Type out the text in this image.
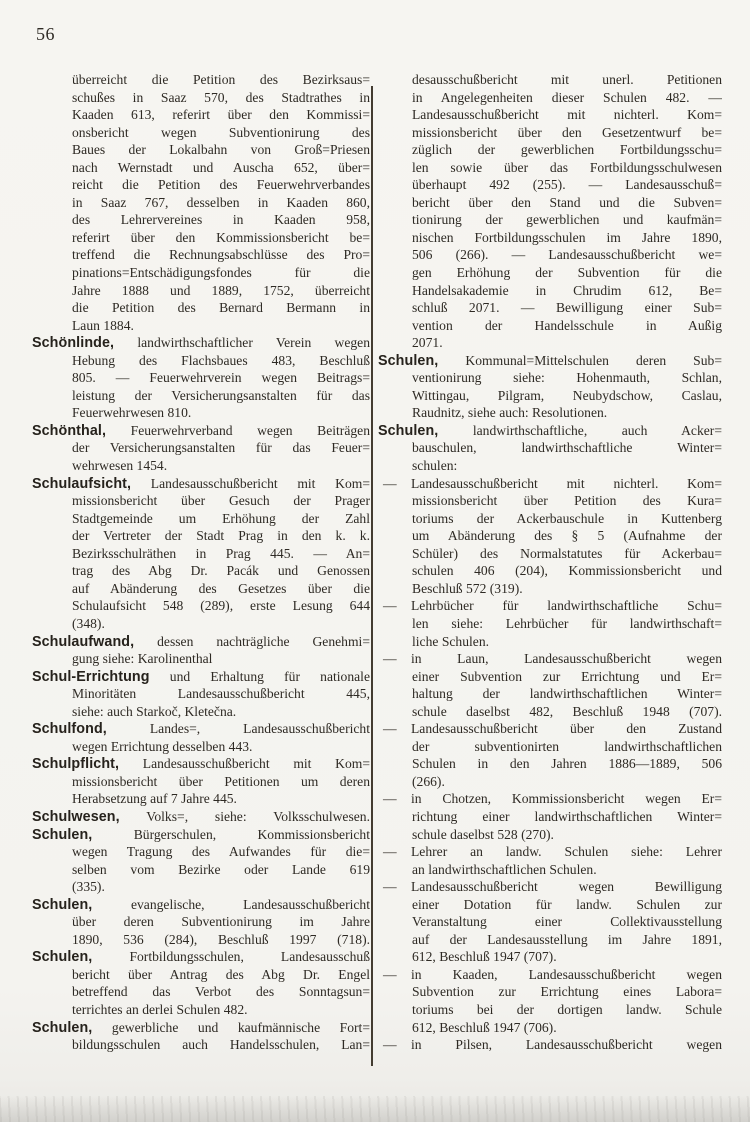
56
überreicht die Petition des Bezirksaus=
schußes in Saaz 570, des Stadtrathes in
Kaaden 613, referirt über den Kommissi=
onsbericht wegen Subventionirung des
Baues der Lokalbahn von Groß=Priesen
nach Wernstadt und Auscha 652, über=
reicht die Petition des Feuerwehrverbandes
in Saaz 767, desselben in Kaaden 860,
des Lehrervereines in Kaaden 958,
referirt über den Kommissionsbericht be=
treffend die Rechnungsabschlüsse des Pro=
pinations=Entschädigungsfondes für die
Jahre 1888 und 1889, 1752, überreicht
die Petition des Bernard Bermann in
Laun 1884.
Schönlinde, landwirthschaftlicher Verein wegen
Hebung des Flachsbaues 483, Beschluß
805. — Feuerwehrverein wegen Beitrags=
leistung der Versicherungsanstalten für das
Feuerwehrwesen 810.
Schönthal, Feuerwehrverband wegen Beiträgen
der Versicherungsanstalten für das Feuer=
wehrwesen 1454.
Schulaufsicht, Landesausschußbericht mit Kom=
missionsbericht über Gesuch der Prager
Stadtgemeinde um Erhöhung der Zahl
der Vertreter der Stadt Prag in den k. k.
Bezirksschulräthen in Prag 445. — An=
trag des Abg Dr. Pacák und Genossen
auf Abänderung des Gesetzes über die
Schulaufsicht 548 (289), erste Lesung 644
(348).
Schulaufwand, dessen nachträgliche Genehmi=
gung siehe: Karolinenthal
Schul-Errichtung und Erhaltung für nationale
Minoritäten Landesausschußbericht 445,
siehe: auch Starkoč, Kletečna.
Schulfond, Landes=, Landesausschußbericht
wegen Errichtung desselben 443.
Schulpflicht, Landesausschußbericht mit Kom=
missionsbericht über Petitionen um deren
Herabsetzung auf 7 Jahre 445.
Schulwesen, Volks=, siehe: Volksschulwesen.
Schulen, Bürgerschulen, Kommissionsbericht
wegen Tragung des Aufwandes für die=
selben vom Bezirke oder Lande 619
(335).
Schulen, evangelische, Landesausschußbericht
über deren Subventionirung im Jahre
1890, 536 (284), Beschluß 1997 (718).
Schulen, Fortbildungsschulen, Landesausschuß
bericht über Antrag des Abg Dr. Engel
betreffend das Verbot des Sonntagsun=
terrichtes an derlei Schulen 482.
Schulen, gewerbliche und kaufmännische Fort=
bildungsschulen auch Handelsschulen, Lan=
desausschußbericht mit unerl. Petitionen
in Angelegenheiten dieser Schulen 482. —
Landesausschußbericht mit nichterl. Kom=
missionsbericht über den Gesetzentwurf be=
züglich der gewerblichen Fortbildungsschu=
len sowie über das Fortbildungsschulwesen
überhaupt 492 (255). — Landesausschuß=
bericht über den Stand und die Subven=
tionirung der gewerblichen und kaufmän=
nischen Fortbildungsschulen im Jahre 1890,
506 (266). — Landesausschußbericht we=
gen Erhöhung der Subvention für die
Handelsakademie in Chrudim 612, Be=
schluß 2071. — Bewilligung einer Sub=
vention der Handelsschule in Außig
2071.
Schulen, Kommunal=Mittelschulen deren Sub=
ventionirung siehe: Hohenmauth, Schlan,
Wittingau, Pilgram, Neubydschow, Caslau,
Raudnitz, siehe auch: Resolutionen.
Schulen, landwirthschaftliche, auch Acker=
bauschulen, landwirthschaftliche Winter=
schulen:
— Landesausschußbericht mit nichterl. Kom=
missionsbericht über Petition des Kura=
toriums der Ackerbauschule in Kuttenberg
um Abänderung des § 5 (Aufnahme der
Schüler) des Normalstatutes für Ackerbau=
schulen 406 (204), Kommissionsbericht und
Beschluß 572 (319).
— Lehrbücher für landwirthschaftliche Schu=
len siehe: Lehrbücher für landwirthschaft=
liche Schulen.
— in Laun, Landesausschußbericht wegen
einer Subvention zur Errichtung und Er=
haltung der landwirthschaftlichen Winter=
schule daselbst 482, Beschluß 1948 (707).
— Landesausschußbericht über den Zustand
der subventionirten landwirthschaftlichen
Schulen in den Jahren 1886—1889, 506
(266).
— in Chotzen, Kommissionsbericht wegen Er=
richtung einer landwirthschaftlichen Winter=
schule daselbst 528 (270).
— Lehrer an landw. Schulen siehe: Lehrer
an landwirthschaftlichen Schulen.
— Landesausschußbericht wegen Bewilligung
einer Dotation für landw. Schulen zur
Veranstaltung einer Collektivausstellung
auf der Landesausstellung im Jahre 1891,
612, Beschluß 1947 (707).
— in Kaaden, Landesausschußbericht wegen
Subvention zur Errichtung eines Labora=
toriums bei der dortigen landw. Schule
612, Beschluß 1947 (706).
— in Pilsen, Landesausschußbericht wegen
